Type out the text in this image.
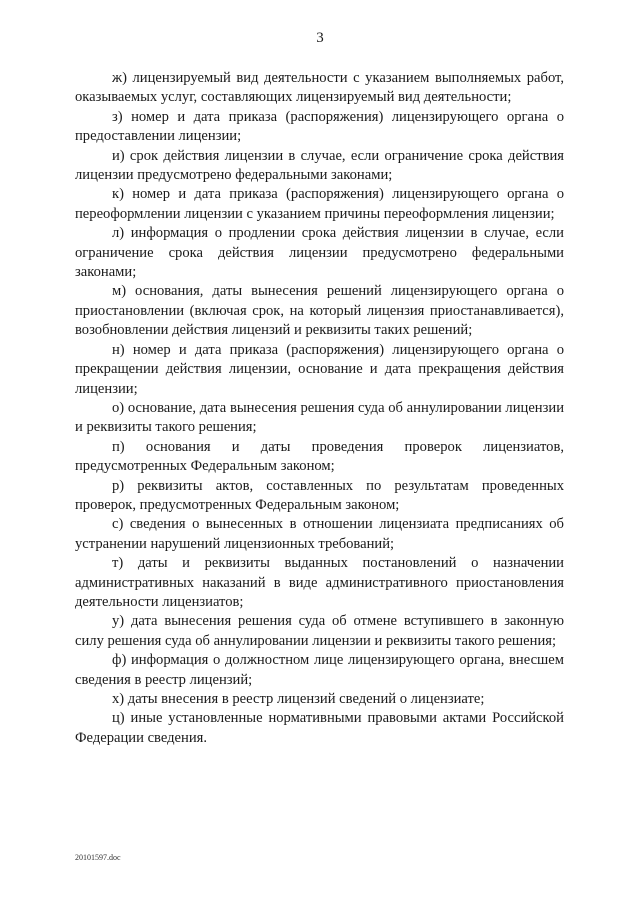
3

ж) лицензируемый вид деятельности с указанием выполняемых работ, оказываемых услуг, составляющих лицензируемый вид деятельности;

з) номер и дата приказа (распоряжения) лицензирующего органа о предоставлении лицензии;

и) срок действия лицензии в случае, если ограничение срока действия лицензии предусмотрено федеральными законами;

к) номер и дата приказа (распоряжения) лицензирующего органа о переоформлении лицензии с указанием причины переоформления лицензии;

л) информация о продлении срока действия лицензии в случае, если ограничение срока действия лицензии предусмотрено федеральными законами;

м) основания, даты вынесения решений лицензирующего органа о приостановлении (включая срок, на который лицензия приостанавливается), возобновлении действия лицензий и реквизиты таких решений;

н) номер и дата приказа (распоряжения) лицензирующего органа о прекращении действия лицензии, основание и дата прекращения действия лицензии;

о) основание, дата вынесения решения суда об аннулировании лицензии и реквизиты такого решения;

п) основания и даты проведения проверок лицензиатов, предусмотренных Федеральным законом;

р) реквизиты актов, составленных по результатам проведенных проверок, предусмотренных Федеральным законом;

с) сведения о вынесенных в отношении лицензиата предписаниях об устранении нарушений лицензионных требований;

т) даты и реквизиты выданных постановлений о назначении административных наказаний в виде административного приостановления деятельности лицензиатов;

у) дата вынесения решения суда об отмене вступившего в законную силу решения суда об аннулировании лицензии и реквизиты такого решения;

ф) информация о должностном лице лицензирующего органа, внесшем сведения в реестр лицензий;

х) даты внесения в реестр лицензий сведений о лицензиате;

ц) иные установленные нормативными правовыми актами Российской Федерации сведения.

20101597.doc
